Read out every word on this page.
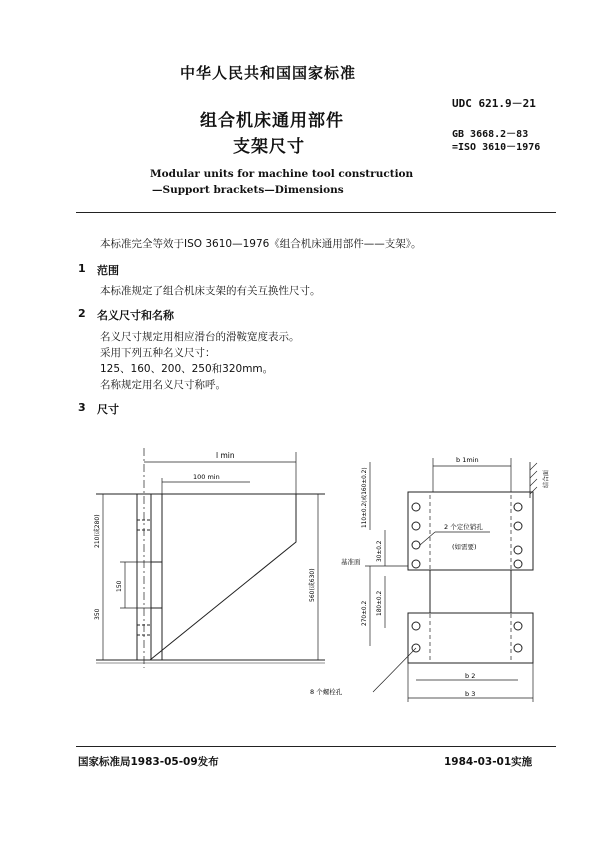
中华人民共和国国家标准
UDC 621.9－21
组合机床通用部件
支架尺寸
GB 3668.2－83
=ISO 3610－1976
Modular units for machine tool construction
—Support brackets—Dimensions
本标准完全等效于ISO 3610—1976《组合机床通用部件——支架》。
1 范围
本标准规定了组合机床支架的有关互换性尺寸。
2 名义尺寸和名称
名义尺寸规定用相应滑台的滑鞍宽度表示。
采用下列五种名义尺寸：
125、160、200、250和320mm。
名称规定用名义尺寸称呼。
3 尺寸
l min
100 min
210(或280)
150
350
560(或630)
b 1min
110±0.2(或160±0.2)
30±0.2
270±0.2 180±0.2
基准面
2 个定位销孔
(如需要)
8 个螺栓孔
b 2
b 3
结合面
国家标准局1983-05-09发布	1984-03-01实施
